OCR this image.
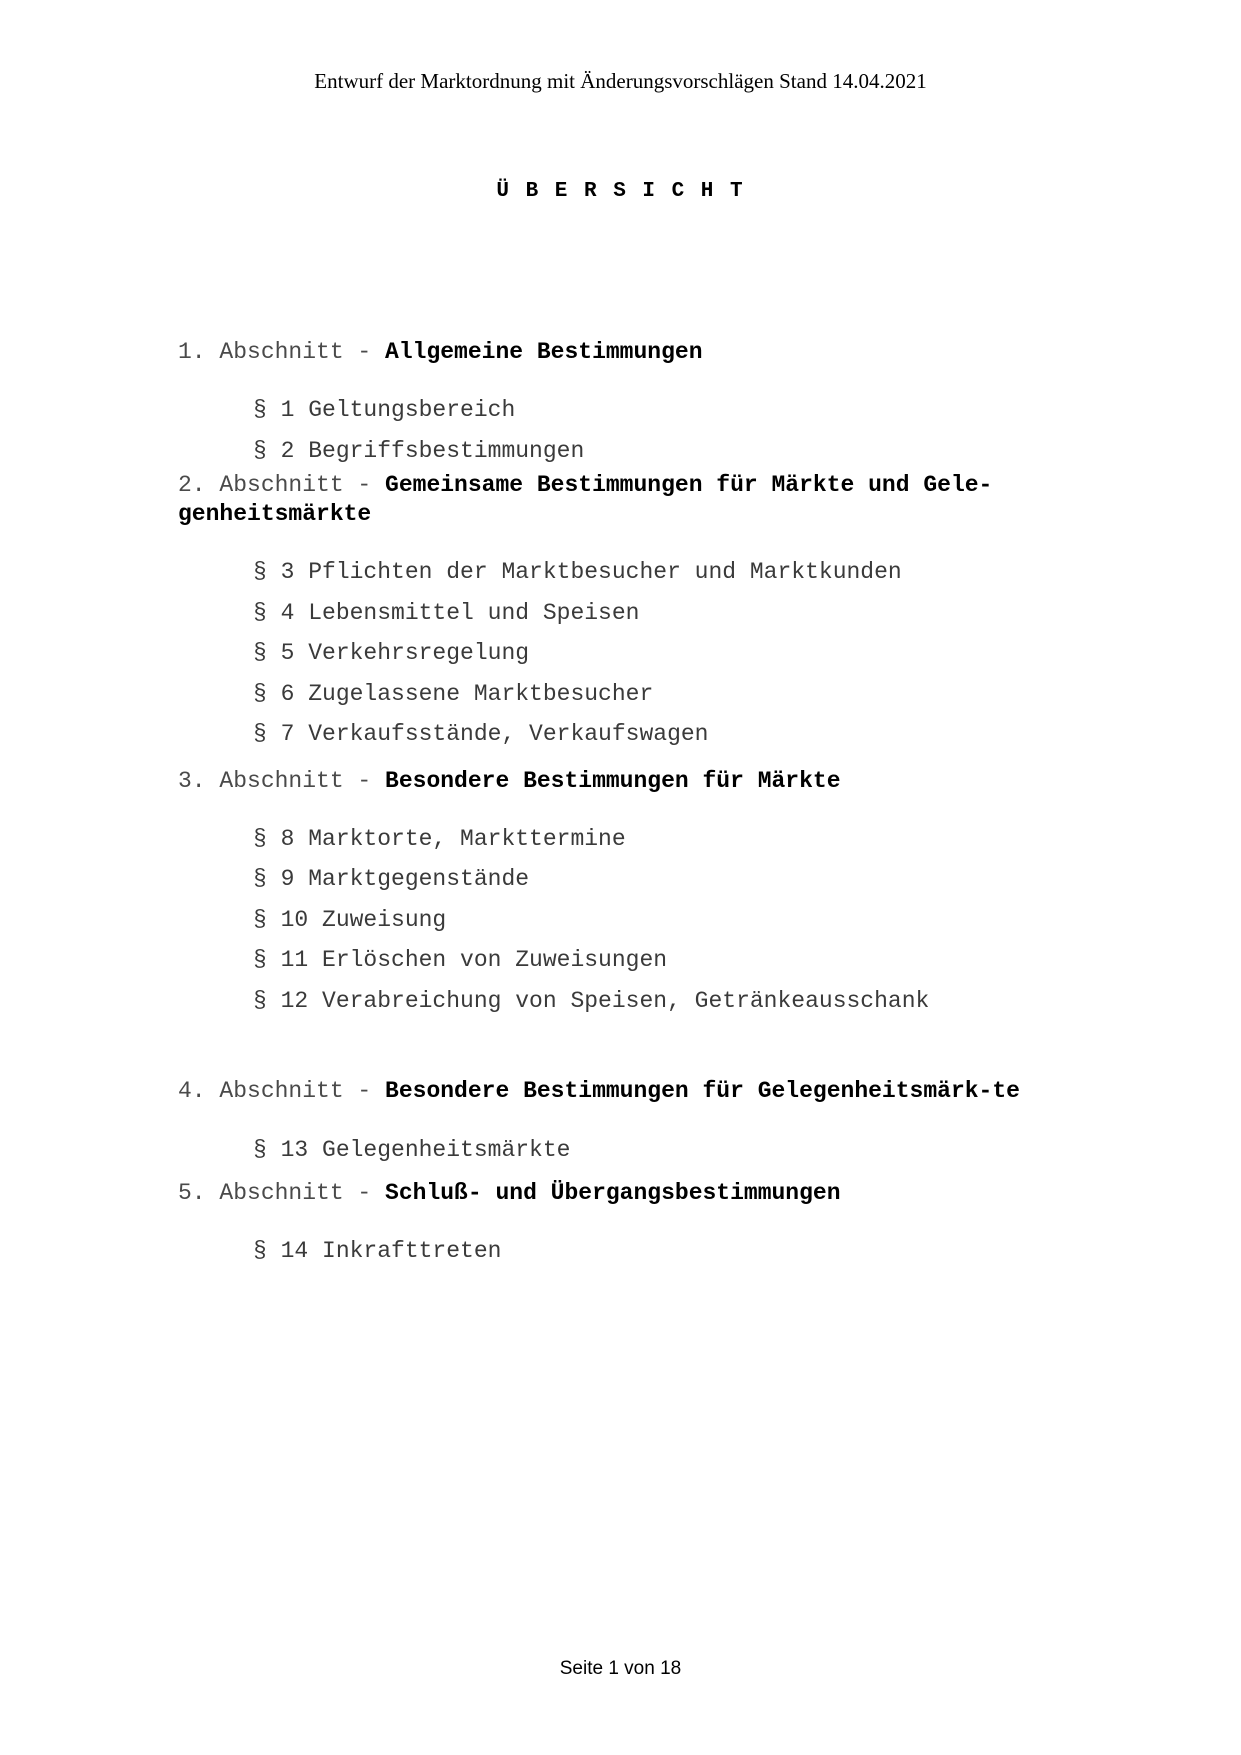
Entwurf der Marktordnung mit Änderungsvorschlägen Stand 14.04.2021
Ü B E R S I C H T

1. Abschnitt - Allgemeine Bestimmungen

§ 1 Geltungsbereich
§ 2 Begriffsbestimmungen

2. Abschnitt - Gemeinsame Bestimmungen für Märkte und Gele-genheitsmärkte

§ 3 Pflichten der Marktbesucher und Marktkunden
§ 4 Lebensmittel und Speisen
§ 5 Verkehrsregelung
§ 6 Zugelassene Marktbesucher
§ 7 Verkaufsstände, Verkaufswagen

3. Abschnitt - Besondere Bestimmungen für Märkte

§ 8 Marktorte, Markttermine
§ 9 Marktgegenstände
§ 10 Zuweisung
§ 11 Erlöschen von Zuweisungen
§ 12 Verabreichung von Speisen, Getränkeausschank

4. Abschnitt - Besondere Bestimmungen für Gelegenheitsmärk-te

§ 13 Gelegenheitsmärkte

5. Abschnitt - Schluß- und Übergangsbestimmungen

§ 14 Inkrafttreten
Seite 1 von 18
